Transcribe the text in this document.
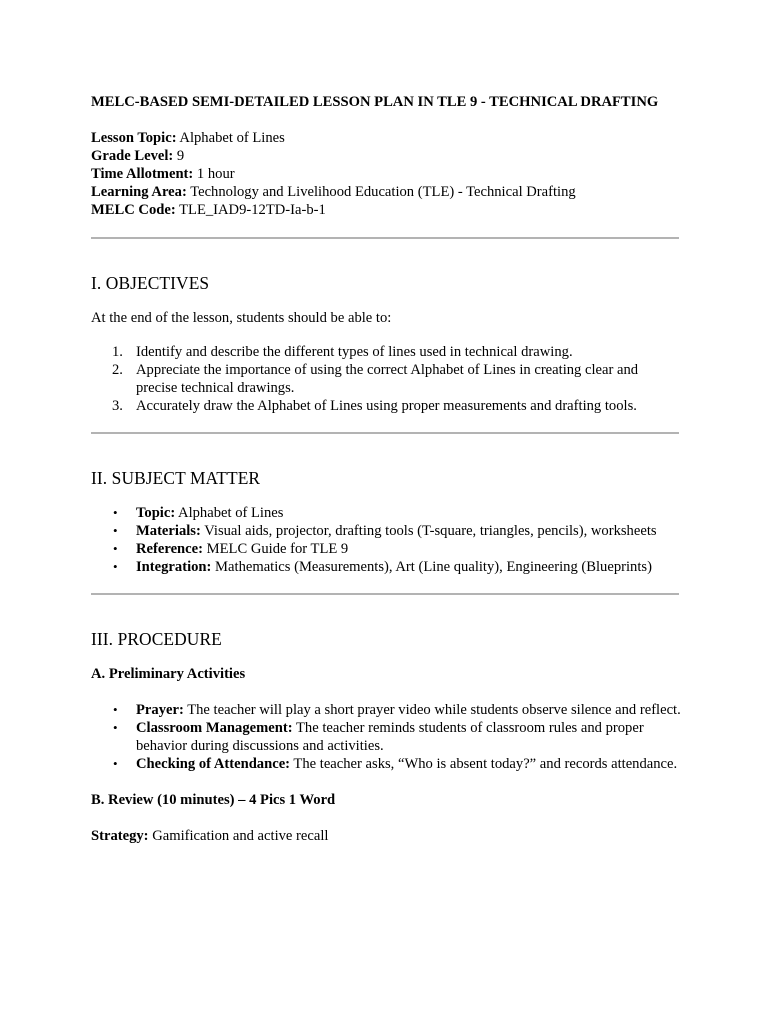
MELC-BASED SEMI-DETAILED LESSON PLAN IN TLE 9 - TECHNICAL DRAFTING

Lesson Topic: Alphabet of Lines
Grade Level: 9
Time Allotment: 1 hour
Learning Area: Technology and Livelihood Education (TLE) - Technical Drafting
MELC Code: TLE_IAD9-12TD-Ia-b-1
I. OBJECTIVES

At the end of the lesson, students should be able to:

1. Identify and describe the different types of lines used in technical drawing.
2. Appreciate the importance of using the correct Alphabet of Lines in creating clear and precise technical drawings.
3. Accurately draw the Alphabet of Lines using proper measurements and drafting tools.
II. SUBJECT MATTER
• Topic: Alphabet of Lines
• Materials: Visual aids, projector, drafting tools (T-square, triangles, pencils), worksheets
• Reference: MELC Guide for TLE 9
• Integration: Mathematics (Measurements), Art (Line quality), Engineering (Blueprints)
III. PROCEDURE

A. Preliminary Activities

• Prayer: The teacher will play a short prayer video while students observe silence and reflect.
• Classroom Management: The teacher reminds students of classroom rules and proper behavior during discussions and activities.
• Checking of Attendance: The teacher asks, “Who is absent today?” and records attendance.

B. Review (10 minutes) – 4 Pics 1 Word

Strategy: Gamification and active recall
